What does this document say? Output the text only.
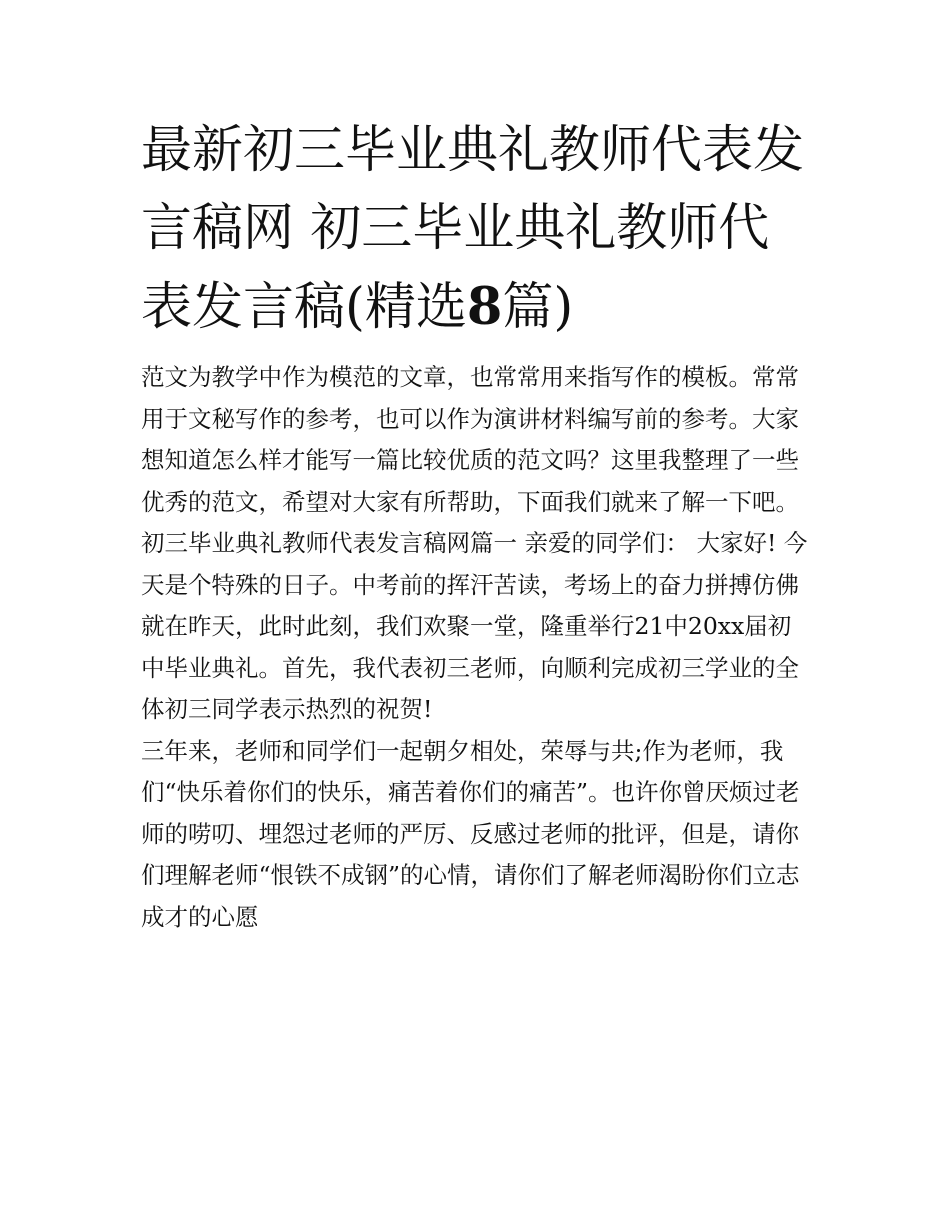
最新初三毕业典礼教师代表发言稿网 初三毕业典礼教师代表发言稿(精选8篇)

范文为教学中作为模范的文章，也常常用来指写作的模板。常常用于文秘写作的参考，也可以作为演讲材料编写前的参考。大家想知道怎么样才能写一篇比较优质的范文吗？这里我整理了一些优秀的范文，希望对大家有所帮助，下面我们就来了解一下吧。

初三毕业典礼教师代表发言稿网篇一 亲爱的同学们： 大家好! 今天是个特殊的日子。中考前的挥汗苦读，考场上的奋力拼搏仿佛就在昨天，此时此刻，我们欢聚一堂，隆重举行21中20xx届初中毕业典礼。首先，我代表初三老师，向顺利完成初三学业的全体初三同学表示热烈的祝贺!

三年来，老师和同学们一起朝夕相处，荣辱与共;作为老师，我们“快乐着你们的快乐，痛苦着你们的痛苦”。也许你曾厌烦过老师的唠叨、埋怨过老师的严厉、反感过老师的批评，但是，请你们理解老师“恨铁不成钢”的心情，请你们了解老师渴盼你们立志成才的心愿
